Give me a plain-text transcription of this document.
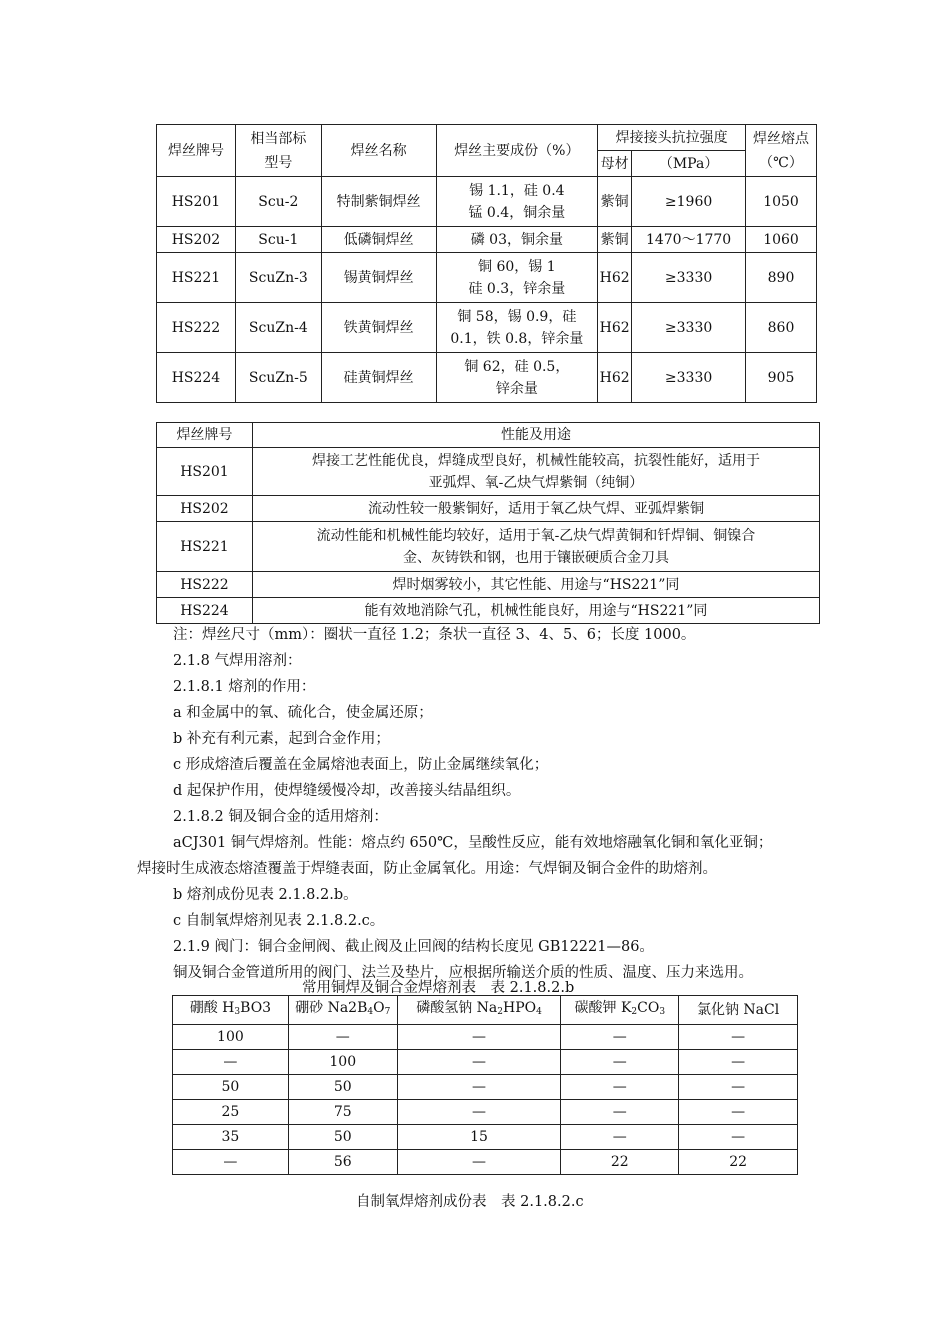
焊丝牌号	相当部标
型号	焊丝名称	焊丝主要成份（%）	焊接接头抗拉强度		焊丝熔点
（℃）
				母材	（MPa）	
HS201	Scu-2	特制紫铜焊丝	锡 1.1，硅 0.4
锰 0.4，铜余量	紫铜	≥1960	1050
HS202	Scu-1	低磷铜焊丝	磷 03，铜余量	紫铜	1470～1770	1060
HS221	ScuZn-3	锡黄铜焊丝	铜 60，锡 1
硅 0.3，锌余量	H62	≥3330	890
HS222	ScuZn-4	铁黄铜焊丝	铜 58，锡 0.9，硅
0.1，铁 0.8，锌余量	H62	≥3330	860
HS224	ScuZn-5	硅黄铜焊丝	铜 62，硅 0.5，
锌余量	H62	≥3330	905
焊丝牌号	性能及用途
HS201	焊接工艺性能优良，焊缝成型良好，机械性能较高，抗裂性能好，适用于
亚弧焊、氧-乙炔气焊紫铜（纯铜）
HS202	流动性较一般紫铜好，适用于氧乙炔气焊、亚弧焊紫铜
HS221	流动性能和机械性能均较好，适用于氧-乙炔气焊黄铜和钎焊铜、铜镍合
金、灰铸铁和钢，也用于镶嵌硬质合金刀具
HS222	焊时烟雾较小，其它性能、用途与“HS221”同
HS224	能有效地消除气孔，机械性能良好，用途与“HS221”同
注：焊丝尺寸（mm）：圈状一直径 1.2；条状一直径 3、4、5、6；长度 1000。
2.1.8 气焊用溶剂：
2.1.8.1 熔剂的作用：
a 和金属中的氧、硫化合，使金属还原；
b 补充有利元素，起到合金作用；
c 形成熔渣后覆盖在金属熔池表面上，防止金属继续氧化；
d 起保护作用，使焊缝缓慢冷却，改善接头结晶组织。
2.1.8.2 铜及铜合金的适用熔剂：
aCJ301 铜气焊熔剂。性能：熔点约 650℃，呈酸性反应，能有效地熔融氧化铜和氧化亚铜；
焊接时生成液态熔渣覆盖于焊缝表面，防止金属氧化。用途：气焊铜及铜合金件的助熔剂。
b 熔剂成份见表 2.1.8.2.b。
c 自制氧焊熔剂见表 2.1.8.2.c。
2.1.9 阀门：铜合金闸阀、截止阀及止回阀的结构长度见 GB12221—86。
铜及铜合金管道所用的阀门、法兰及垫片，应根据所输送介质的性质、温度、压力来选用。
常用铜焊及铜合金焊熔剂表　表 2.1.8.2.b
硼酸 $H_3BO3$	硼砂 $Na2B_4O_7$	磷酸氢钠 $Na_2HPO_4$	碳酸钾 $K_2CO_3$	氯化钠 NaCl
100	—	—	—	—
—	100	—	—	—
50	50	—	—	—
25	75	—	—	—
35	50	15	—	—
—	56	—	22	22
自制氧焊熔剂成份表　表 2.1.8.2.c
